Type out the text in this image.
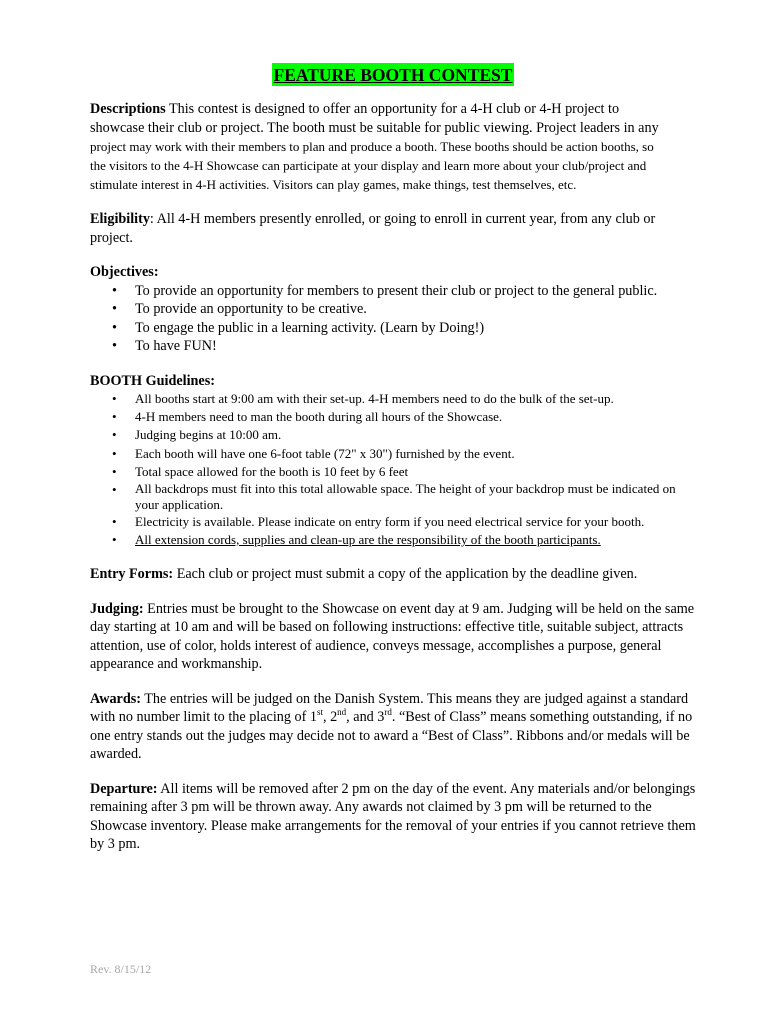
FEATURE BOOTH CONTEST

Descriptions This contest is designed to offer an opportunity for a 4-H club or 4-H project to

showcase their club or project. The booth must be suitable for public viewing. Project leaders in any

project may work with their members to plan and produce a booth. These booths should be action booths, so

the visitors to the 4-H Showcase can participate at your display and learn more about your club/project and

stimulate interest in 4-H activities. Visitors can play games, make things, test themselves, etc.

Eligibility: All 4-H members presently enrolled, or going to enroll in current year, from any club or project.

Objectives:

• To provide an opportunity for members to present their club or project to the general public.
• To provide an opportunity to be creative.
• To engage the public in a learning activity. (Learn by Doing!)
• To have FUN!

BOOTH Guidelines:

• All booths start at 9:00 am with their set-up. 4-H members need to do the bulk of the set-up.
• 4-H members need to man the booth during all hours of the Showcase.
• Judging begins at 10:00 am.
• Each booth will have one 6-foot table (72" x 30") furnished by the event.
• Total space allowed for the booth is 10 feet by 6 feet
• All backdrops must fit into this total allowable space. The height of your backdrop must be indicated on your application.
• Electricity is available. Please indicate on entry form if you need electrical service for your booth.
• All extension cords, supplies and clean-up are the responsibility of the booth participants.

Entry Forms: Each club or project must submit a copy of the application by the deadline given.

Judging: Entries must be brought to the Showcase on event day at 9 am. Judging will be held on the same day starting at 10 am and will be based on following instructions: effective title, suitable subject, attracts attention, use of color, holds interest of audience, conveys message, accomplishes a purpose, general appearance and workmanship.

Awards: The entries will be judged on the Danish System. This means they are judged against a standard with no number limit to the placing of 1st, 2nd, and 3rd. “Best of Class” means something outstanding, if no one entry stands out the judges may decide not to award a “Best of Class”. Ribbons and/or medals will be awarded.

Departure: All items will be removed after 2 pm on the day of the event. Any materials and/or belongings remaining after 3 pm will be thrown away. Any awards not claimed by 3 pm will be returned to the Showcase inventory. Please make arrangements for the removal of your entries if you cannot retrieve them by 3 pm.

Rev. 8/15/12
